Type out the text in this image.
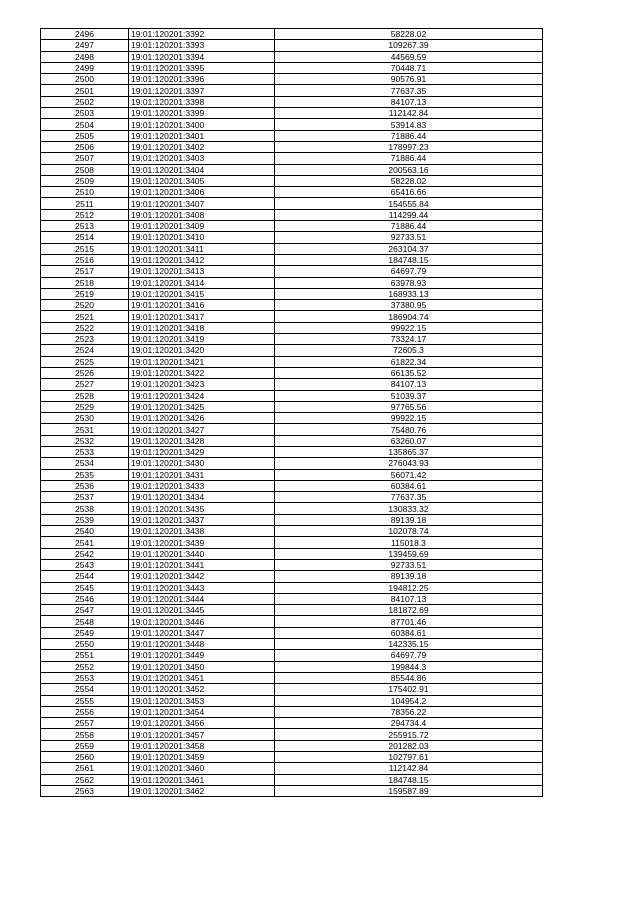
2496	19:01:120201:3392	58228.02
2497	19:01:120201:3393	109267.39
2498	19:01:120201:3394	44569.59
2499	19:01:120201:3395	70448.71
2500	19:01:120201:3396	90576.91
2501	19:01:120201:3397	77637.35
2502	19:01:120201:3398	84107.13
2503	19:01:120201:3399	112142.84
2504	19:01:120201:3400	53914.83
2505	19:01:120201:3401	71886.44
2506	19:01:120201:3402	178997.23
2507	19:01:120201:3403	71886.44
2508	19:01:120201:3404	200563.16
2509	19:01:120201:3405	58228.02
2510	19:01:120201:3406	65416.66
2511	19:01:120201:3407	154555.84
2512	19:01:120201:3408	114299.44
2513	19:01:120201:3409	71886.44
2514	19:01:120201:3410	92733.51
2515	19:01:120201:3411	263104.37
2516	19:01:120201:3412	184748.15
2517	19:01:120201:3413	64697.79
2518	19:01:120201:3414	63978.93
2519	19:01:120201:3415	168933.13
2520	19:01:120201:3416	37380.95
2521	19:01:120201:3417	186904.74
2522	19:01:120201:3418	99922.15
2523	19:01:120201:3419	73324.17
2524	19:01:120201:3420	72605.3
2525	19:01:120201:3421	61822.34
2526	19:01:120201:3422	66135.52
2527	19:01:120201:3423	84107.13
2528	19:01:120201:3424	51039.37
2529	19:01:120201:3425	97765.56
2530	19:01:120201:3426	99922.15
2531	19:01:120201:3427	75480.76
2532	19:01:120201:3428	63260.07
2533	19:01:120201:3429	135865.37
2534	19:01:120201:3430	276043.93
2535	19:01:120201:3431	56071.42
2536	19:01:120201:3433	60384.61
2537	19:01:120201:3434	77637.35
2538	19:01:120201:3435	130833.32
2539	19:01:120201:3437	89139.18
2540	19:01:120201:3438	102078.74
2541	19:01:120201:3439	115018.3
2542	19:01:120201:3440	139459.69
2543	19:01:120201:3441	92733.51
2544	19:01:120201:3442	89139.18
2545	19:01:120201:3443	194812.25
2546	19:01:120201:3444	84107.13
2547	19:01:120201:3445	181872.69
2548	19:01:120201:3446	87701.46
2549	19:01:120201:3447	60384.61
2550	19:01:120201:3448	142335.15
2551	19:01:120201:3449	64697.79
2552	19:01:120201:3450	199844.3
2553	19:01:120201:3451	85544.86
2554	19:01:120201:3452	175402.91
2555	19:01:120201:3453	104954.2
2556	19:01:120201:3454	78356.22
2557	19:01:120201:3456	294734.4
2558	19:01:120201:3457	255915.72
2559	19:01:120201:3458	201282.03
2560	19:01:120201:3459	102797.61
2561	19:01:120201:3460	112142.84
2562	19:01:120201:3461	184748.15
2563	19:01:120201:3462	159587.89
